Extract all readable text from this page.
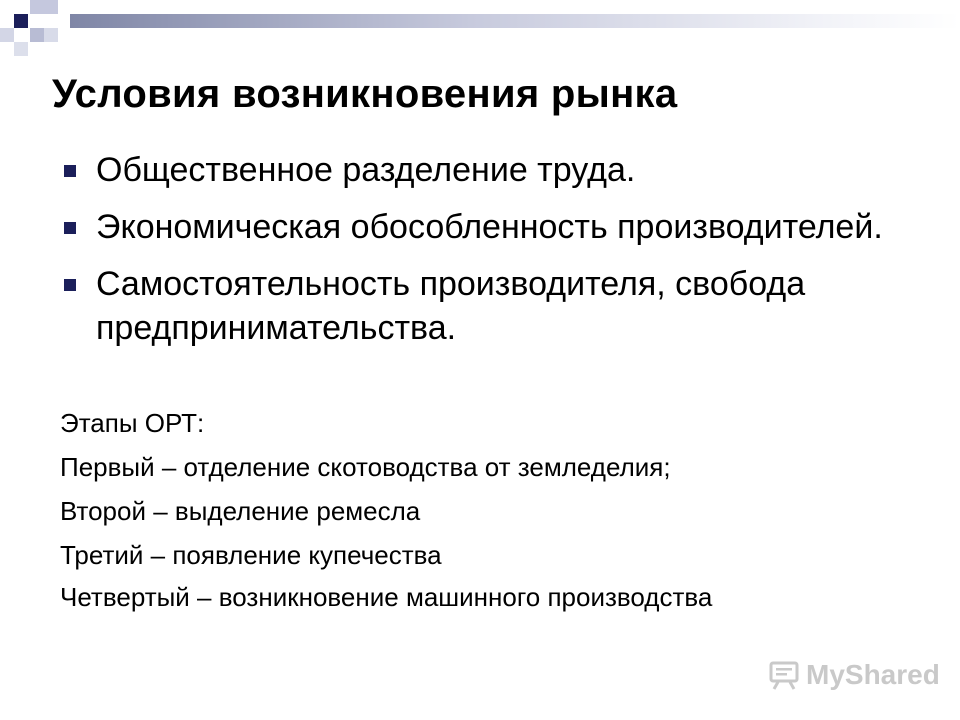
Условия возникновения рынка
Общественное разделение труда.
Экономическая обособленность производителей.
Самостоятельность производителя, свобода предпринимательства.
Этапы ОРТ:
Первый – отделение скотоводства от земледелия;
Второй – выделение ремесла
Третий – появление купечества
Четвертый – возникновение машинного производства
MyShared
